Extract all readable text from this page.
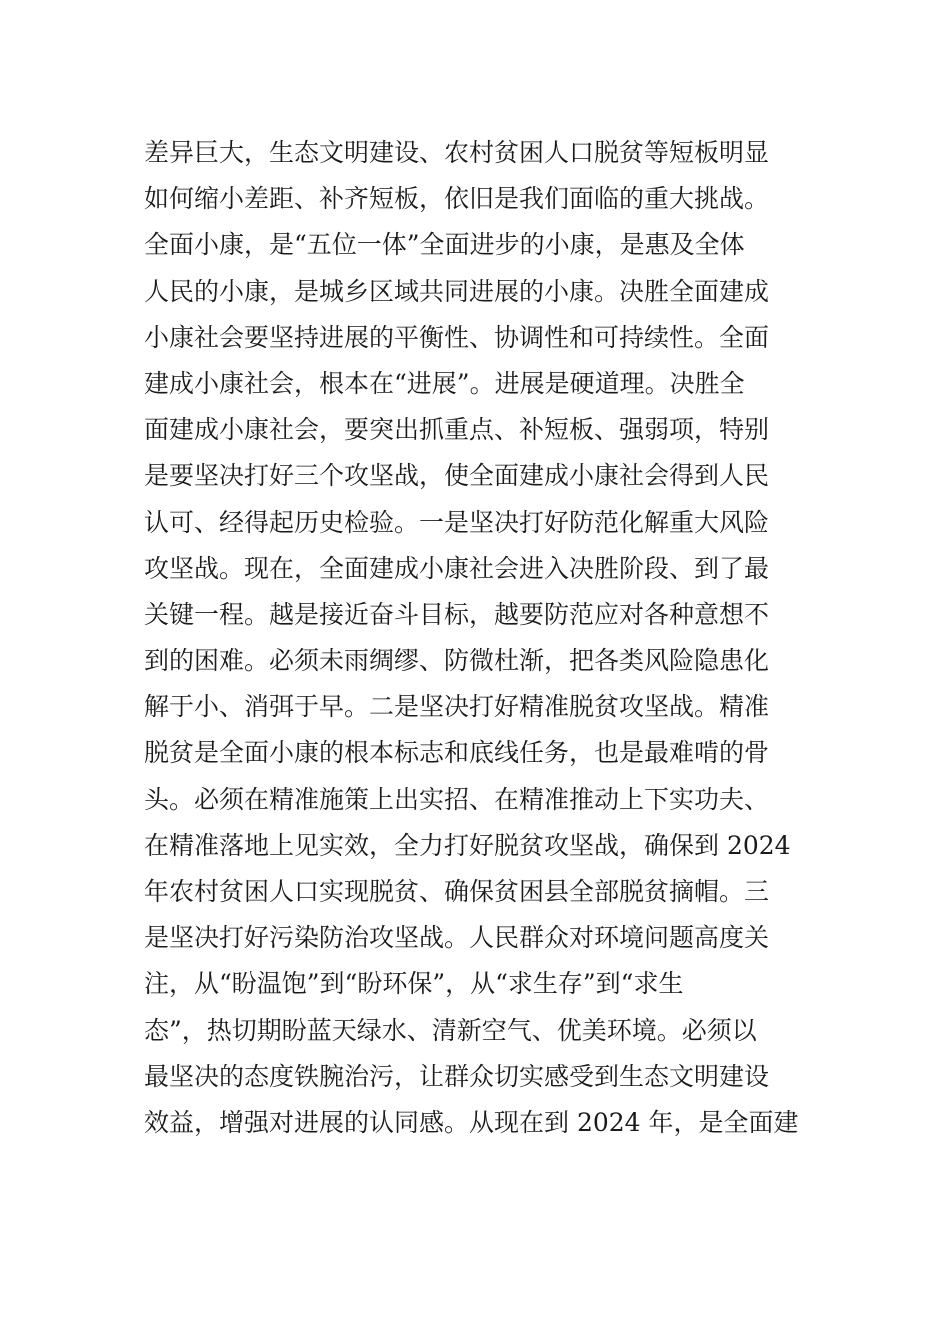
差异巨大，生态文明建设、农村贫困人口脱贫等短板明显
如何缩小差距、补齐短板，依旧是我们面临的重大挑战。
全面小康，是“五位一体”全面进步的小康，是惠及全体
人民的小康，是城乡区域共同进展的小康。决胜全面建成
小康社会要坚持进展的平衡性、协调性和可持续性。全面
建成小康社会，根本在“进展”。进展是硬道理。决胜全
面建成小康社会，要突出抓重点、补短板、强弱项，特别
是要坚决打好三个攻坚战，使全面建成小康社会得到人民
认可、经得起历史检验。一是坚决打好防范化解重大风险
攻坚战。现在，全面建成小康社会进入决胜阶段、到了最
关键一程。越是接近奋斗目标，越要防范应对各种意想不
到的困难。必须未雨绸缪、防微杜渐，把各类风险隐患化
解于小、消弭于早。二是坚决打好精准脱贫攻坚战。精准
脱贫是全面小康的根本标志和底线任务，也是最难啃的骨
头。必须在精准施策上出实招、在精准推动上下实功夫、
在精准落地上见实效，全力打好脱贫攻坚战，确保到 2024
年农村贫困人口实现脱贫、确保贫困县全部脱贫摘帽。三
是坚决打好污染防治攻坚战。人民群众对环境问题高度关
注，从“盼温饱”到“盼环保”，从“求生存”到“求生
态”，热切期盼蓝天绿水、清新空气、优美环境。必须以
最坚决的态度铁腕治污，让群众切实感受到生态文明建设
效益，增强对进展的认同感。从现在到 2024 年，是全面建
